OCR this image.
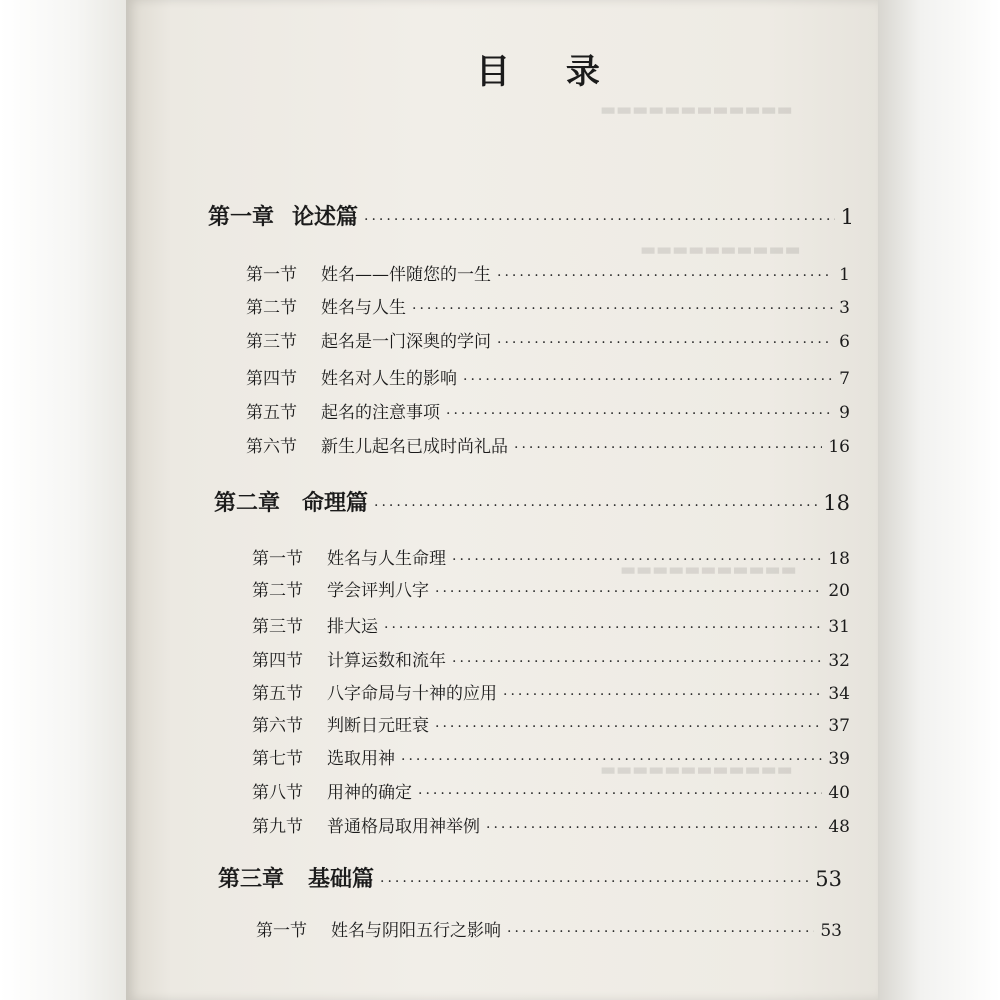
▬▬▬▬▬▬▬▬▬▬▬▬
▬▬▬▬▬▬▬▬▬▬
▬▬▬▬▬▬▬▬▬▬▬
▬▬▬▬▬▬▬▬▬▬▬▬
目 录
第一章 论述篇 ·····	1
第一节 姓名——伴随您的一生 ·····	1
第二节 姓名与人生 ·····	3
第三节 起名是一门深奥的学问 ·····	6
第四节 姓名对人生的影响 ·····	7
第五节 起名的注意事项 ·····	9
第六节 新生儿起名已成时尚礼品 ·····	16
第二章 命理篇 ·····	18
第一节 姓名与人生命理 ·····	18
第二节 学会评判八字 ·····	20
第三节 排大运 ·····	31
第四节 计算运数和流年 ·····	32
第五节 八字命局与十神的应用 ·····	34
第六节 判断日元旺衰 ·····	37
第七节 选取用神 ·····	39
第八节 用神的确定 ·····	40
第九节 普通格局取用神举例 ·····	48
第三章 基础篇 ·····	53
第一节 姓名与阴阳五行之影响 ·····	53
